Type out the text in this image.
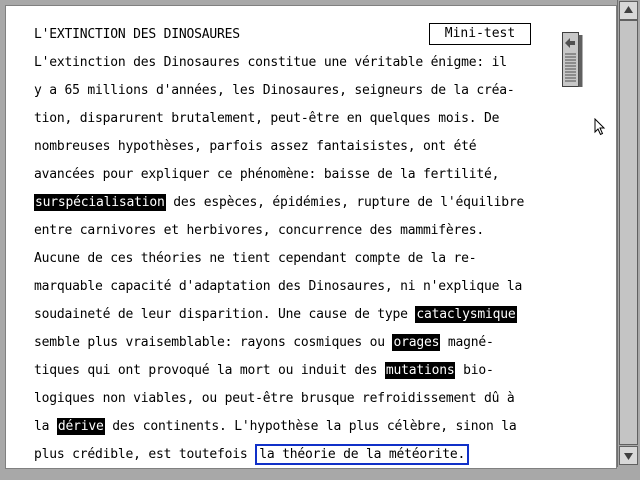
L'EXTINCTION DES DINOSAURES	Mini-test
L'extinction des Dinosaures constitue une véritable énigme: il
y a 65 millions d'années, les Dinosaures, seigneurs de la créa-
tion, disparurent brutalement, peut-être en quelques mois. De
nombreuses hypothèses, parfois assez fantaisistes, ont été
avancées pour expliquer ce phénomène: baisse de la fertilité,
surspécialisation des espèces, épidémies, rupture de l'équilibre
entre carnivores et herbivores, concurrence des mammifères.
Aucune de ces théories ne tient cependant compte de la re-
marquable capacité d'adaptation des Dinosaures, ni n'explique la
soudaineté de leur disparition. Une cause de type cataclysmique
semble plus vraisemblable: rayons cosmiques ou orages magné-
tiques qui ont provoqué la mort ou induit des mutations bio-
logiques non viables, ou peut-être brusque refroidissement dû à
la dérive des continents. L'hypothèse la plus célèbre, sinon la
plus crédible, est toutefois la théorie de la météorite.
